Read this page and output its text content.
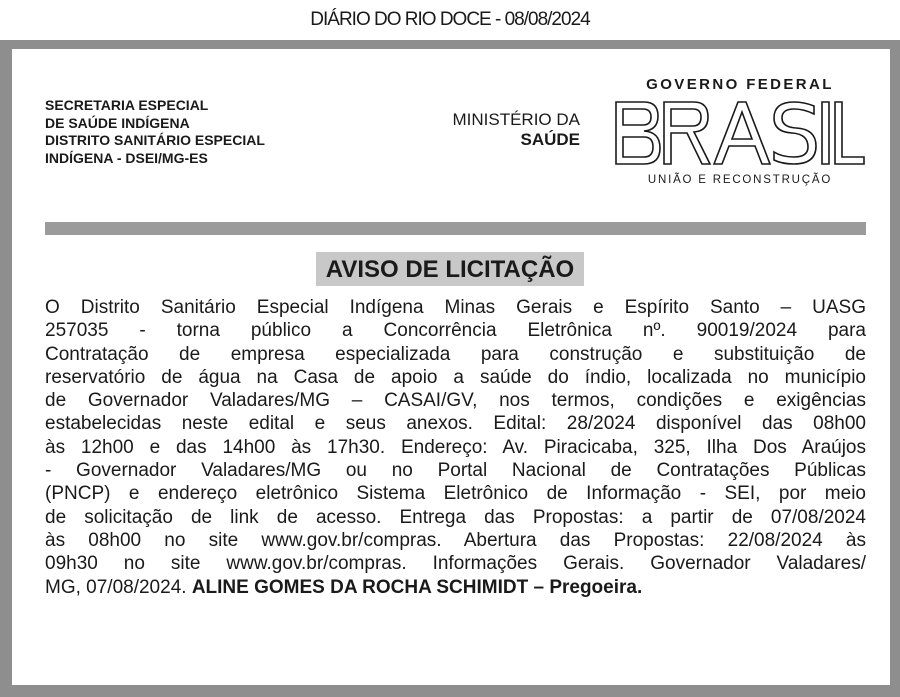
DIÁRIO DO RIO DOCE - 08/08/2024
SECRETARIA ESPECIAL
DE SAÚDE INDÍGENA
DISTRITO SANITÁRIO ESPECIAL
INDÍGENA - DSEI/MG-ES
MINISTÉRIO DA
SAÚDE
GOVERNO FEDERAL
UNIÃO E RECONSTRUÇÃO
AVISO DE LICITAÇÃO
O Distrito Sanitário Especial Indígena Minas Gerais e Espírito Santo – UASG
257035 - torna público a Concorrência Eletrônica nº. 90019/2024 para
Contratação de empresa especializada para construção e substituição de
reservatório de água na Casa de apoio a saúde do índio, localizada no município
de Governador Valadares/MG – CASAI/GV, nos termos, condições e exigências
estabelecidas neste edital e seus anexos. Edital: 28/2024 disponível das 08h00
às 12h00 e das 14h00 às 17h30. Endereço: Av. Piracicaba, 325, Ilha Dos Araújos
- Governador Valadares/MG ou no Portal Nacional de Contratações Públicas
(PNCP) e endereço eletrônico Sistema Eletrônico de Informação - SEI, por meio
de solicitação de link de acesso. Entrega das Propostas: a partir de 07/08/2024
às 08h00 no site www.gov.br/compras. Abertura das Propostas: 22/08/2024 às
09h30 no site www.gov.br/compras. Informações Gerais. Governador Valadares/
MG, 07/08/2024. ALINE GOMES DA ROCHA SCHIMIDT – Pregoeira.
